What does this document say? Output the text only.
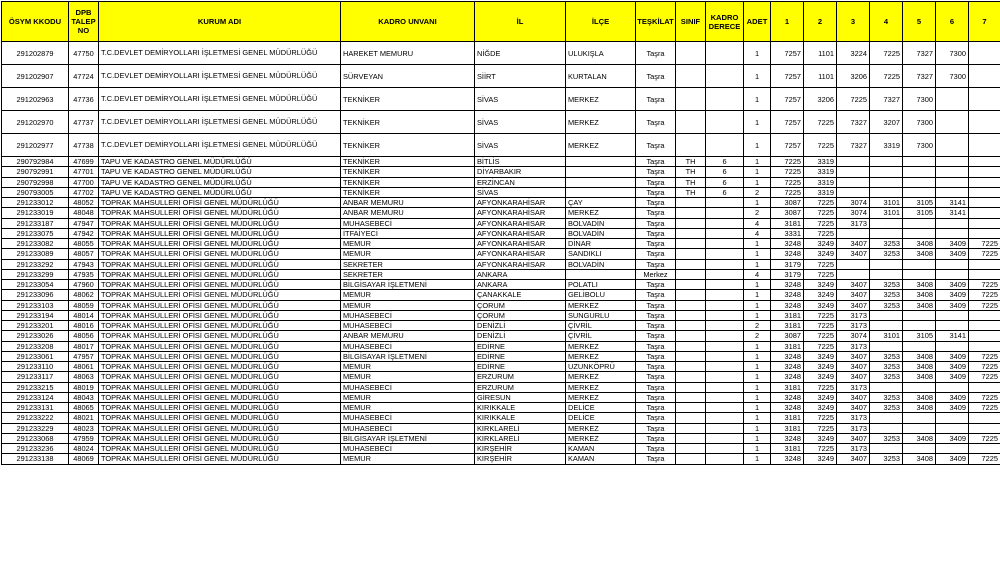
ÖSYM KKODU	DPB TALEP NO	KURUM ADI	KADRO UNVANI	İL	İLÇE	TEŞKİLAT	SINIF	KADRO DERECE	ADET	1	2	3	4	5	6	7
291202879	47750	T.C.DEVLET DEMİRYOLLARI İŞLETMESİ GENEL MÜDÜRLÜĞÜ	HAREKET MEMURU	NİĞDE	ULUKIŞLA	Taşra			1	7257	1101	3224	7225	7327	7300	
291202907	47724	T.C.DEVLET DEMİRYOLLARI İŞLETMESİ GENEL MÜDÜRLÜĞÜ	SÜRVEYAN	SİİRT	KURTALAN	Taşra			1	7257	1101	3206	7225	7327	7300	
291202963	47736	T.C.DEVLET DEMİRYOLLARI İŞLETMESİ GENEL MÜDÜRLÜĞÜ	TEKNİKER	SİVAS	MERKEZ	Taşra			1	7257	3206	7225	7327	7300		
291202970	47737	T.C.DEVLET DEMİRYOLLARI İŞLETMESİ GENEL MÜDÜRLÜĞÜ	TEKNİKER	SİVAS	MERKEZ	Taşra			1	7257	7225	7327	3207	7300		
291202977	47738	T.C.DEVLET DEMİRYOLLARI İŞLETMESİ GENEL MÜDÜRLÜĞÜ	TEKNİKER	SİVAS	MERKEZ	Taşra			1	7257	7225	7327	3319	7300		
290792984	47699	TAPU VE KADASTRO GENEL MÜDÜRLÜĞÜ	TEKNİKER	BİTLİS		Taşra	TH	6	1	7225	3319					
290792991	47701	TAPU VE KADASTRO GENEL MÜDÜRLÜĞÜ	TEKNİKER	DİYARBAKIR		Taşra	TH	6	1	7225	3319					
290792998	47700	TAPU VE KADASTRO GENEL MÜDÜRLÜĞÜ	TEKNİKER	ERZİNCAN		Taşra	TH	6	1	7225	3319					
290793005	47702	TAPU VE KADASTRO GENEL MÜDÜRLÜĞÜ	TEKNİKER	SİVAS		Taşra	TH	6	2	7225	3319					
291233012	48052	TOPRAK MAHSULLERİ OFİSİ GENEL MÜDÜRLÜĞÜ	ANBAR MEMURU	AFYONKARAHİSAR	ÇAY	Taşra			1	3087	7225	3074	3101	3105	3141	
291233019	48048	TOPRAK MAHSULLERİ OFİSİ GENEL MÜDÜRLÜĞÜ	ANBAR MEMURU	AFYONKARAHİSAR	MERKEZ	Taşra			2	3087	7225	3074	3101	3105	3141	
291233187	47947	TOPRAK MAHSULLERİ OFİSİ GENEL MÜDÜRLÜĞÜ	MUHASEBECİ	AFYONKARAHİSAR	BOLVADİN	Taşra			4	3181	7225	3173				
291233075	47942	TOPRAK MAHSULLERİ OFİSİ GENEL MÜDÜRLÜĞÜ	İTFAİYECİ	AFYONKARAHİSAR	BOLVADİN	Taşra			4	3331	7225					
291233082	48055	TOPRAK MAHSULLERİ OFİSİ GENEL MÜDÜRLÜĞÜ	MEMUR	AFYONKARAHİSAR	DİNAR	Taşra			1	3248	3249	3407	3253	3408	3409	7225
291233089	48057	TOPRAK MAHSULLERİ OFİSİ GENEL MÜDÜRLÜĞÜ	MEMUR	AFYONKARAHİSAR	SANDIKLI	Taşra			1	3248	3249	3407	3253	3408	3409	7225
291233292	47943	TOPRAK MAHSULLERİ OFİSİ GENEL MÜDÜRLÜĞÜ	SEKRETER	AFYONKARAHİSAR	BOLVADİN	Taşra			1	3179	7225					
291233299	47935	TOPRAK MAHSULLERİ OFİSİ GENEL MÜDÜRLÜĞÜ	SEKRETER	ANKARA		Merkez			4	3179	7225					
291233054	47960	TOPRAK MAHSULLERİ OFİSİ GENEL MÜDÜRLÜĞÜ	BİLGİSAYAR İŞLETMENİ	ANKARA	POLATLI	Taşra			1	3248	3249	3407	3253	3408	3409	7225
291233096	48062	TOPRAK MAHSULLERİ OFİSİ GENEL MÜDÜRLÜĞÜ	MEMUR	ÇANAKKALE	GELİBOLU	Taşra			1	3248	3249	3407	3253	3408	3409	7225
291233103	48059	TOPRAK MAHSULLERİ OFİSİ GENEL MÜDÜRLÜĞÜ	MEMUR	ÇORUM	MERKEZ	Taşra			1	3248	3249	3407	3253	3408	3409	7225
291233194	48014	TOPRAK MAHSULLERİ OFİSİ GENEL MÜDÜRLÜĞÜ	MUHASEBECİ	ÇORUM	SUNGURLU	Taşra			1	3181	7225	3173				
291233201	48016	TOPRAK MAHSULLERİ OFİSİ GENEL MÜDÜRLÜĞÜ	MUHASEBECİ	DENİZLİ	ÇİVRİL	Taşra			2	3181	7225	3173				
291233026	48056	TOPRAK MAHSULLERİ OFİSİ GENEL MÜDÜRLÜĞÜ	ANBAR MEMURU	DENİZLİ	ÇİVRİL	Taşra			2	3087	7225	3074	3101	3105	3141	
291233208	48017	TOPRAK MAHSULLERİ OFİSİ GENEL MÜDÜRLÜĞÜ	MUHASEBECİ	EDİRNE	MERKEZ	Taşra			1	3181	7225	3173				
291233061	47957	TOPRAK MAHSULLERİ OFİSİ GENEL MÜDÜRLÜĞÜ	BİLGİSAYAR İŞLETMENİ	EDİRNE	MERKEZ	Taşra			1	3248	3249	3407	3253	3408	3409	7225
291233110	48061	TOPRAK MAHSULLERİ OFİSİ GENEL MÜDÜRLÜĞÜ	MEMUR	EDİRNE	UZUNKÖPRÜ	Taşra			1	3248	3249	3407	3253	3408	3409	7225
291233117	48063	TOPRAK MAHSULLERİ OFİSİ GENEL MÜDÜRLÜĞÜ	MEMUR	ERZURUM	MERKEZ	Taşra			1	3248	3249	3407	3253	3408	3409	7225
291233215	48019	TOPRAK MAHSULLERİ OFİSİ GENEL MÜDÜRLÜĞÜ	MUHASEBECİ	ERZURUM	MERKEZ	Taşra			1	3181	7225	3173				
291233124	48043	TOPRAK MAHSULLERİ OFİSİ GENEL MÜDÜRLÜĞÜ	MEMUR	GİRESUN	MERKEZ	Taşra			1	3248	3249	3407	3253	3408	3409	7225
291233131	48065	TOPRAK MAHSULLERİ OFİSİ GENEL MÜDÜRLÜĞÜ	MEMUR	KIRIKKALE	DELİCE	Taşra			1	3248	3249	3407	3253	3408	3409	7225
291233222	48021	TOPRAK MAHSULLERİ OFİSİ GENEL MÜDÜRLÜĞÜ	MUHASEBECİ	KIRIKKALE	DELİCE	Taşra			1	3181	7225	3173				
291233229	48023	TOPRAK MAHSULLERİ OFİSİ GENEL MÜDÜRLÜĞÜ	MUHASEBECİ	KIRKLARELİ	MERKEZ	Taşra			1	3181	7225	3173				
291233068	47959	TOPRAK MAHSULLERİ OFİSİ GENEL MÜDÜRLÜĞÜ	BİLGİSAYAR İŞLETMENİ	KIRKLARELİ	MERKEZ	Taşra			1	3248	3249	3407	3253	3408	3409	7225
291233236	48024	TOPRAK MAHSULLERİ OFİSİ GENEL MÜDÜRLÜĞÜ	MUHASEBECİ	KIRŞEHİR	KAMAN	Taşra			1	3181	7225	3173				
291233138	48069	TOPRAK MAHSULLERİ OFİSİ GENEL MÜDÜRLÜĞÜ	MEMUR	KIRŞEHİR	KAMAN	Taşra			1	3248	3249	3407	3253	3408	3409	7225
